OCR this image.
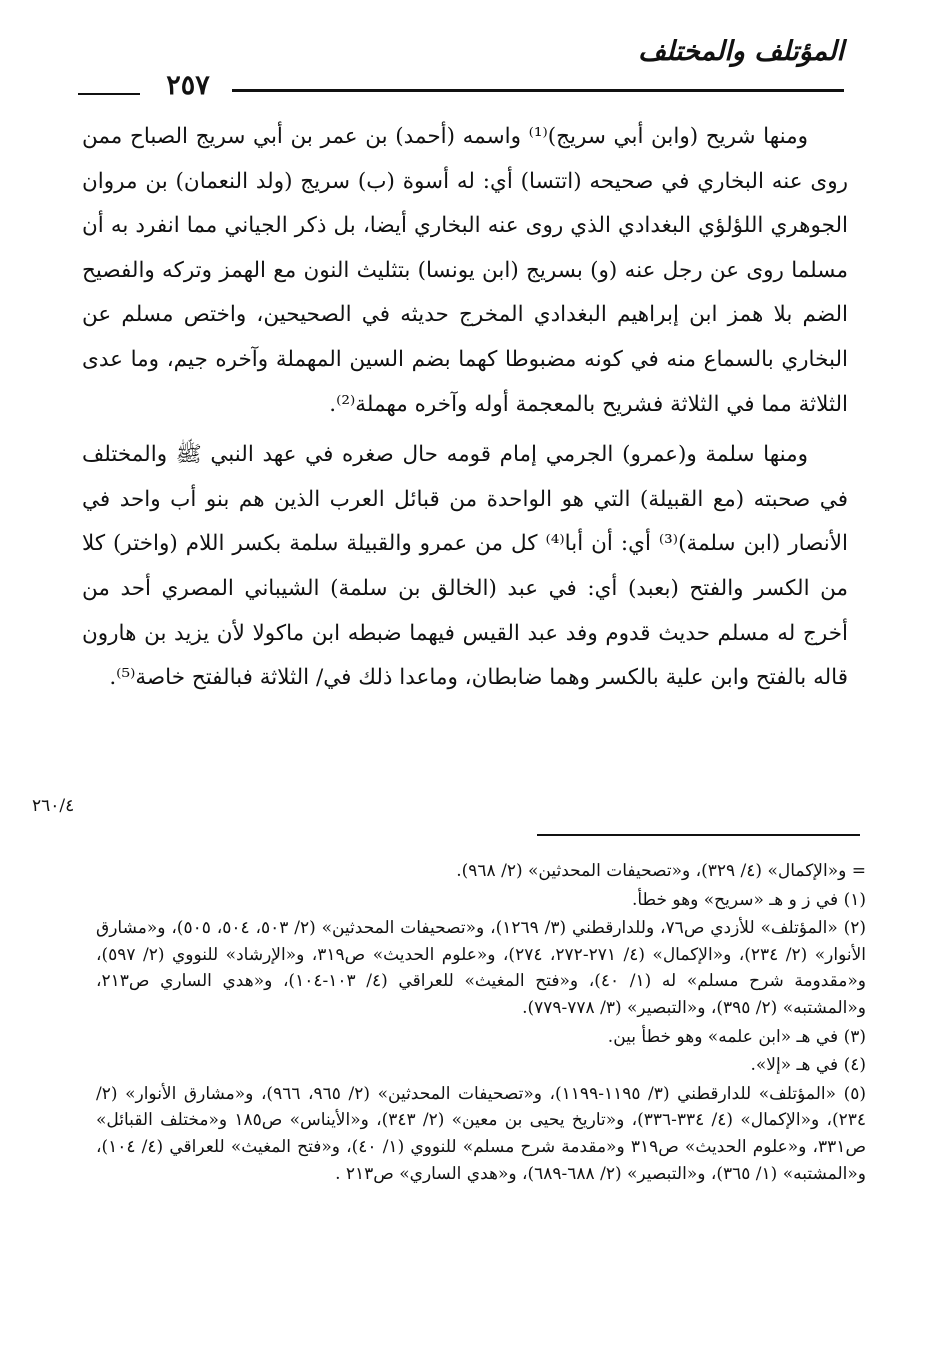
المؤتلف والمختلف
٢٥٧

ومنها شريح (وابن أبي سريج)⁽¹⁾ واسمه (أحمد) بن عمر بن أبي سريج الصباح ممن روى عنه البخاري في صحيحه (اتتسا) أي: له أسوة (ب) سريج (ولد النعمان) بن مروان الجوهري اللؤلؤي البغدادي الذي روى عنه البخاري أيضا، بل ذكر الجياني مما انفرد به أن مسلما روى عن رجل عنه (و) بسريج (ابن يونسا) بتثليث النون مع الهمز وتركه والفصيح الضم بلا همز ابن إبراهيم البغدادي المخرج حديثه في الصحيحين، واختص مسلم عن البخاري بالسماع منه في كونه مضبوطا كهما بضم السين المهملة وآخره جيم، وما عدى الثلاثة مما في الثلاثة فشريح بالمعجمة أوله وآخره مهملة⁽²⁾.

ومنها سلمة و(عمرو) الجرمي إمام قومه حال صغره في عهد النبي ﷺ والمختلف في صحبته (مع القبيلة) التي هو الواحدة من قبائل العرب الذين هم بنو أب واحد في الأنصار (ابن سلمة)⁽³⁾ أي: أن أبا⁽⁴⁾ كل من عمرو والقبيلة سلمة بكسر اللام (واختر) كلا من الكسر والفتح (بعبد) أي: في عبد (الخالق بن سلمة) الشيباني المصري أحد من أخرج له مسلم حديث قدوم وفد عبد القيس فيهما ضبطه ابن ماكولا لأن يزيد بن هارون قاله بالفتح وابن علية بالكسر وهما ضابطان، وماعدا ذلك في/ الثلاثة فبالفتح خاصة⁽⁵⁾.

٢٦٠/٤

= و«الإكمال» (٤/ ٣٢٩)، و«تصحيفات المحدثين» (٢/ ٩٦٨).

(١) في ز و هـ «سريح» وهو خطأ.

(٢) «المؤتلف» للأزدي ص٧٦، وللدارقطني (٣/ ١٢٦٩)، و«تصحيفات المحدثين» (٢/ ٥٠٣، ٥٠٤، ٥٠٥)، و«مشارق الأنوار» (٢/ ٢٣٤)، و«الإكمال» (٤/ ٢٧١-٢٧٢، ٢٧٤)، و«علوم الحديث» ص٣١٩، و«الإرشاد» للنووي (٢/ ٥٩٧)، و«مقدومة شرح مسلم» له (١/ ٤٠)، و«فتح المغيث» للعراقي (٤/ ١٠٣-١٠٤)، و«هدي الساري ص٢١٣، و«المشتبه» (٢/ ٣٩٥)، و«التبصير» (٣/ ٧٧٨-٧٧٩).

(٣) في هـ «ابن علمه» وهو خطأ بين.

(٤) في هـ «إلا».

(٥) «المؤتلف» للدارقطني (٣/ ١١٩٥-١١٩٩)، و«تصحيفات المحدثين» (٢/ ٩٦٥، ٩٦٦)، و«مشارق الأنوار» (٢/ ٢٣٤)، و«الإكمال» (٤/ ٣٣٤-٣٣٦)، و«تاريخ يحيى بن معين» (٢/ ٣٤٣)، و«الأيناس» ص١٨٥ و«مختلف القبائل» ص٣٣١، و«علوم الحديث» ص٣١٩ و«مقدمة شرح مسلم» للنووي (١/ ٤٠)، و«فتح المغيث» للعراقي (٤/ ١٠٤)، و«المشتبه» (١/ ٣٦٥)، و«التبصير» (٢/ ٦٨٨-٦٨٩)، و«هدي الساري» ص٢١٣ .
